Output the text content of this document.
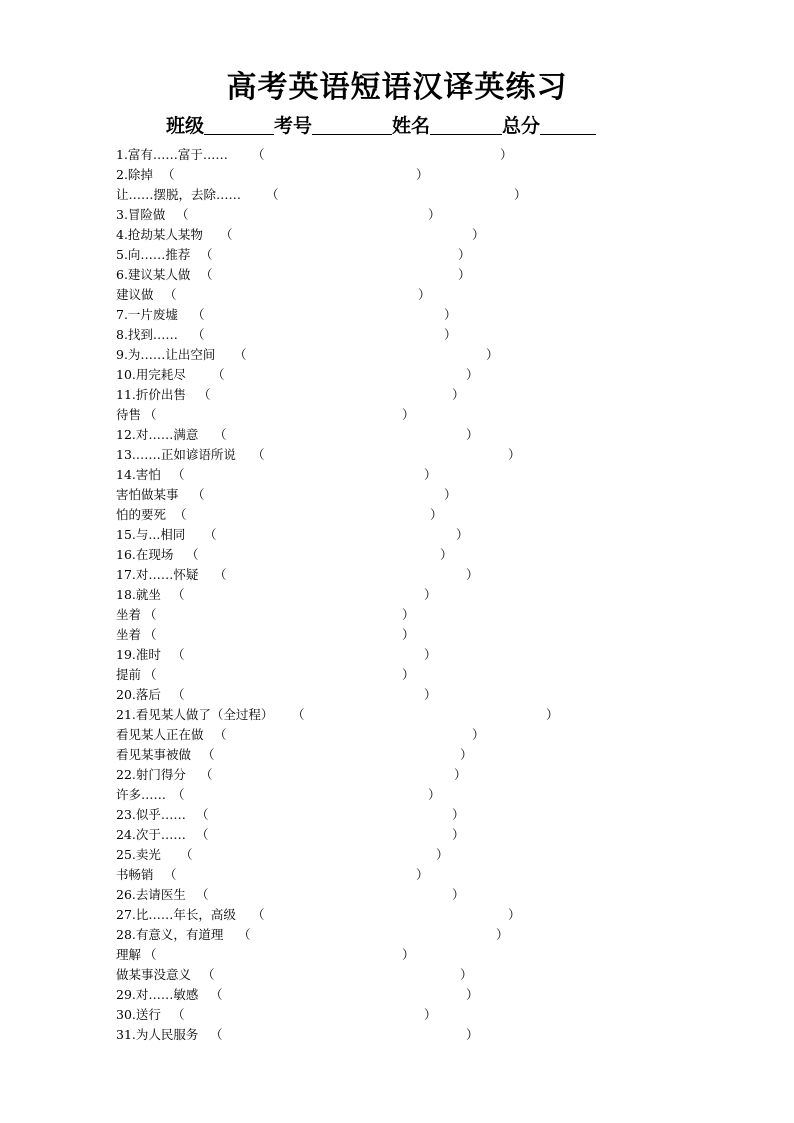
高考英语短语汉译英练习
班级	考号	姓名	总分
1.富有……富于…… （	）
2.除掉 （	）
让……摆脱，去除…… （	）
3.冒险做 （	）
4.抢劫某人某物 （	）
5.向……推荐 （	）
6.建议某人做 （	）
建议做 （	）
7.一片废墟 （	）
8.找到…… （	）
9.为……让出空间 （	）
10.用完耗尽 （	）
11.折价出售 （	）
待售 （	）
12.对……满意 （	）
13.……正如谚语所说 （	）
14.害怕 （	）
害怕做某事 （	）
怕的要死 （	）
15.与...相同 （	）
16.在现场 （	）
17.对……怀疑 （	）
18.就坐 （	）
坐着 （	）
坐着 （	）
19.准时 （	）
提前 （	）
20.落后 （	）
21.看见某人做了（全过程） （	）
看见某人正在做 （	）
看见某事被做 （	）
22.射门得分 （	）
许多…… （	）
23.似乎…… （	）
24.次于…… （	）
25.卖光 （	）
书畅销 （	）
26.去请医生 （	）
27.比……年长，高级 （	）
28.有意义，有道理 （	）
理解 （	）
做某事没意义 （	）
29.对……敏感 （	）
30.送行 （	）
31.为人民服务 （	）
